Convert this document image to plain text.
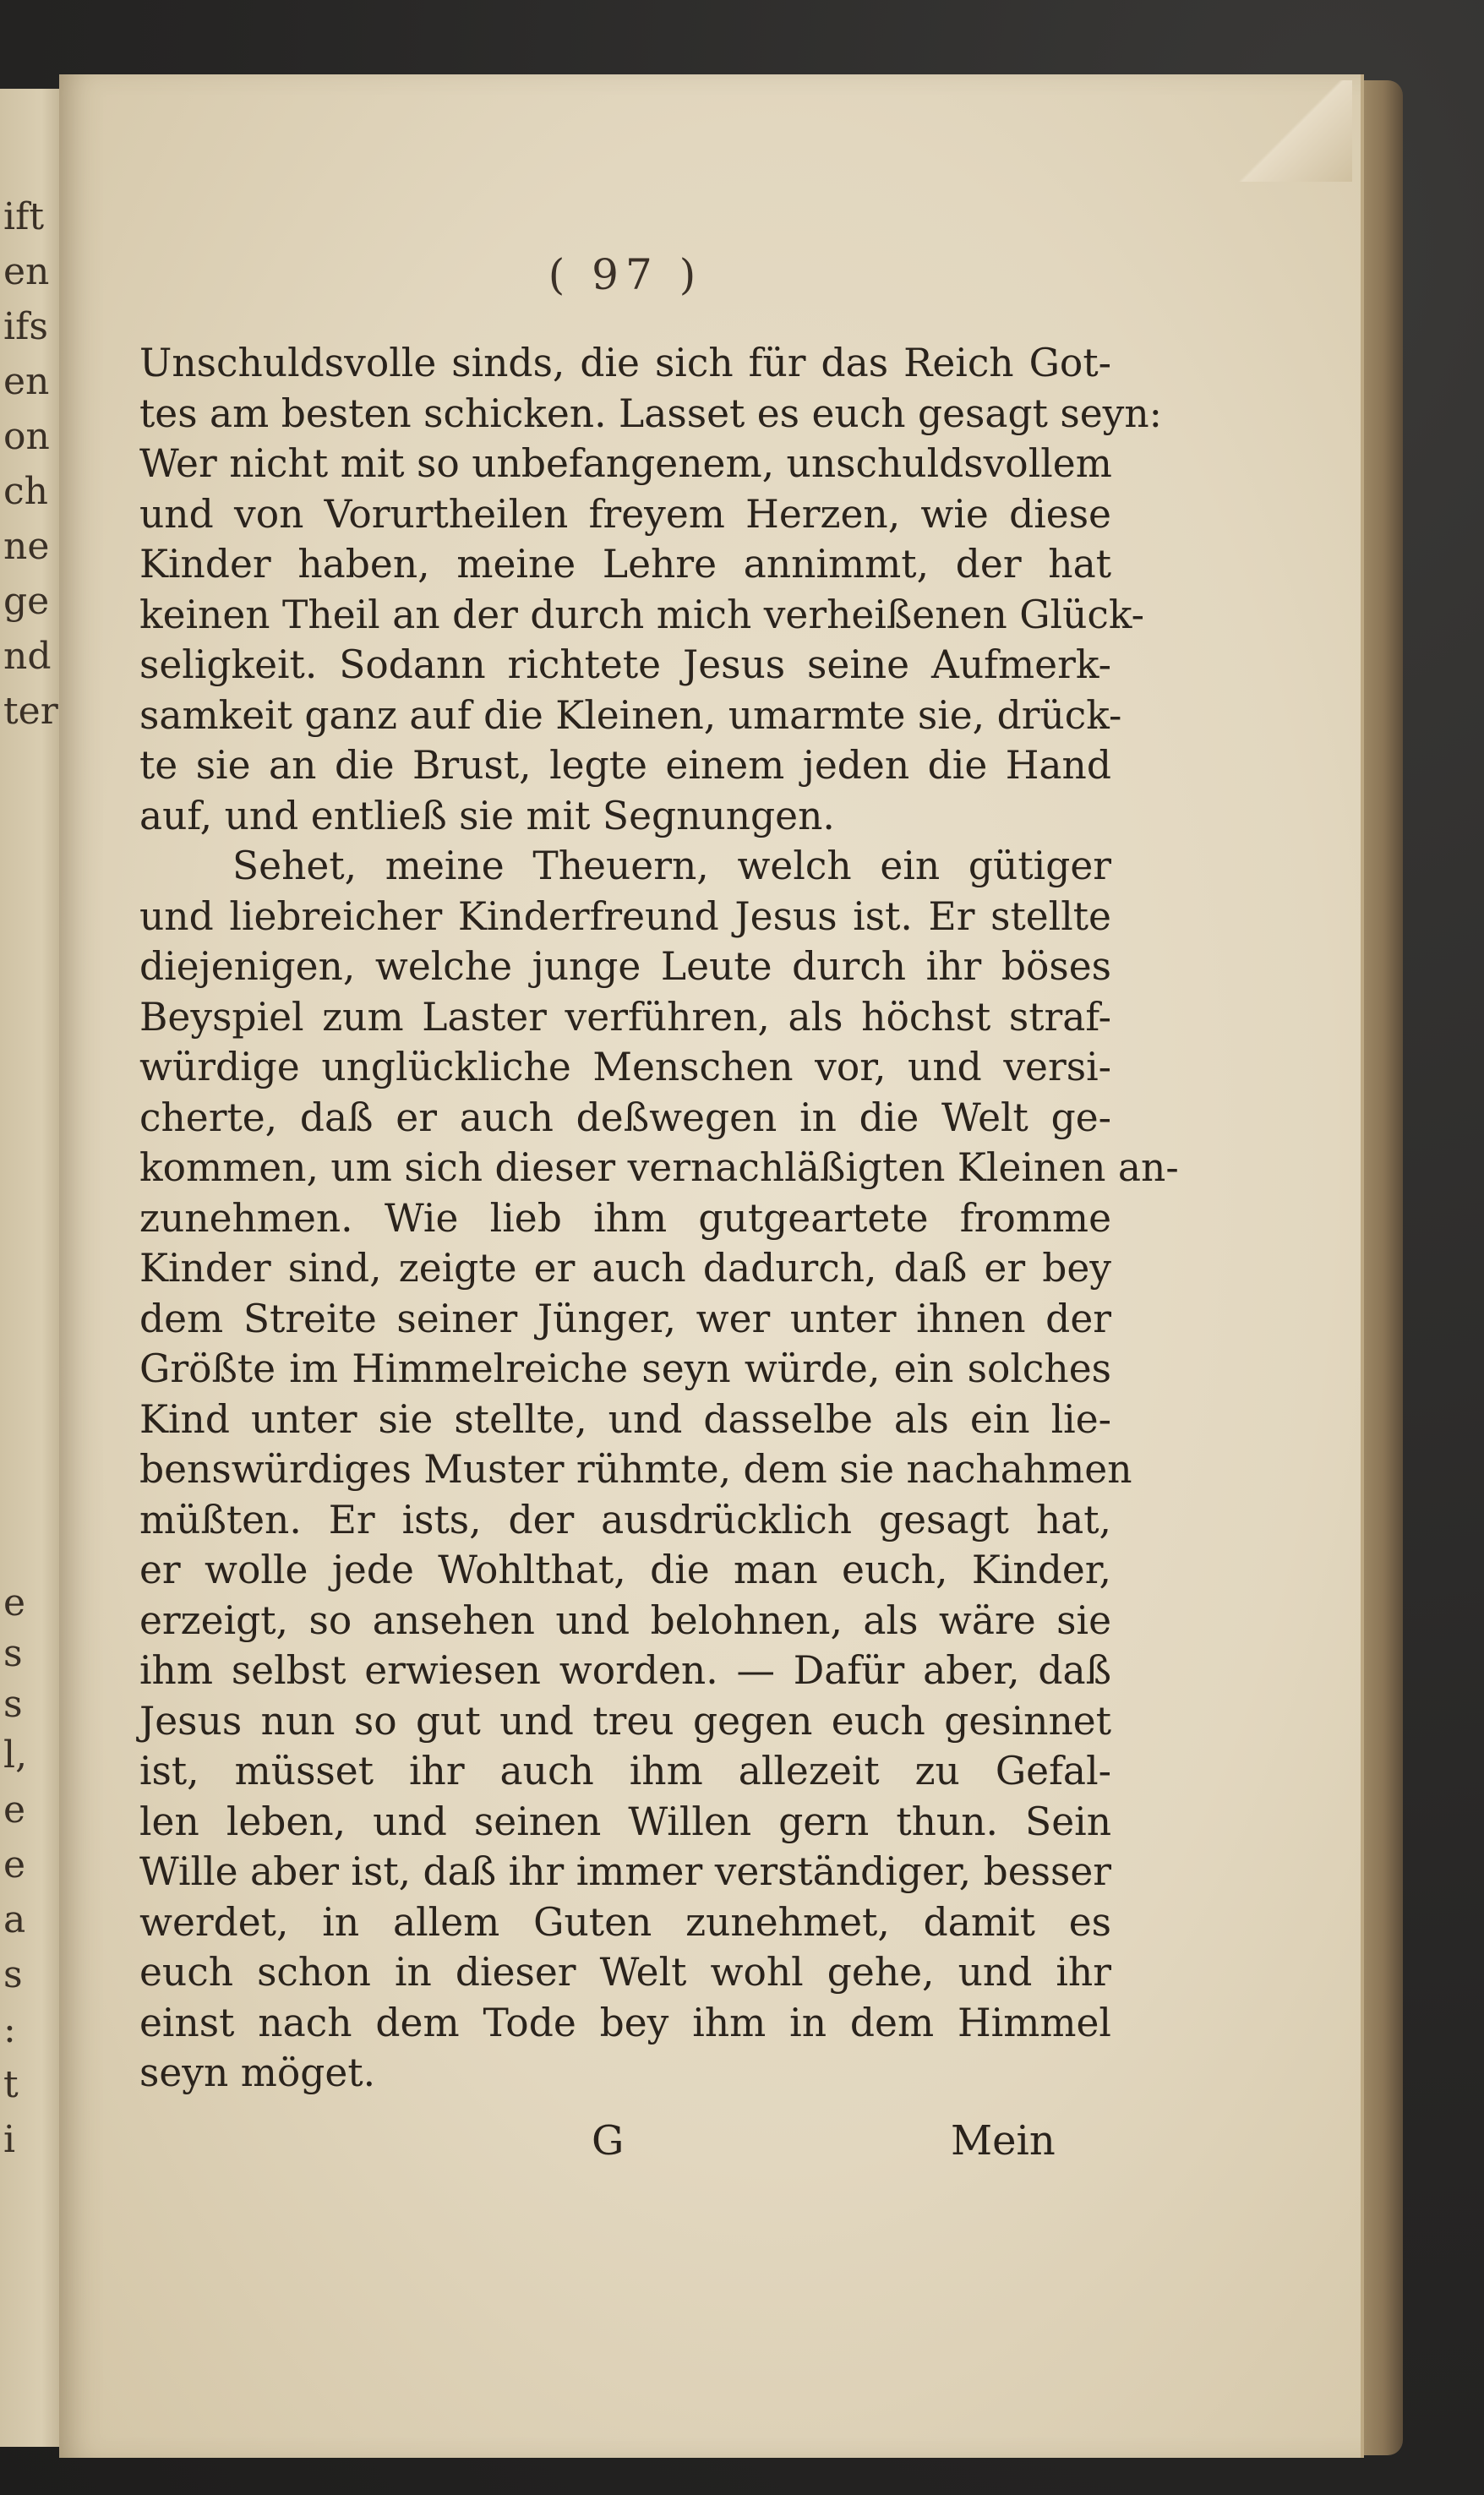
ift
en
ifs
en
on
ch
ne
ge
nd
ter
e
s
s
l,
e
e
a
s
:
t
i
( 97 )
Unschuldsvolle sinds, die sich für das Reich Got-
tes am besten schicken. Lasset es euch gesagt seyn:
Wer nicht mit so unbefangenem, unschuldsvollem
und von Vorurtheilen freyem Herzen, wie diese
Kinder haben, meine Lehre annimmt, der hat
keinen Theil an der durch mich verheißenen Glück-
seligkeit. Sodann richtete Jesus seine Aufmerk-
samkeit ganz auf die Kleinen, umarmte sie, drück-
te sie an die Brust, legte einem jeden die Hand
auf, und entließ sie mit Segnungen.
Sehet, meine Theuern, welch ein gütiger
und liebreicher Kinderfreund Jesus ist. Er stellte
diejenigen, welche junge Leute durch ihr böses
Beyspiel zum Laster verführen, als höchst straf-
würdige unglückliche Menschen vor, und versi-
cherte, daß er auch deßwegen in die Welt ge-
kommen, um sich dieser vernachläßigten Kleinen an-
zunehmen. Wie lieb ihm gutgeartete fromme
Kinder sind, zeigte er auch dadurch, daß er bey
dem Streite seiner Jünger, wer unter ihnen der
Größte im Himmelreiche seyn würde, ein solches
Kind unter sie stellte, und dasselbe als ein lie-
benswürdiges Muster rühmte, dem sie nachahmen
müßten. Er ists, der ausdrücklich gesagt hat,
er wolle jede Wohlthat, die man euch, Kinder,
erzeigt, so ansehen und belohnen, als wäre sie
ihm selbst erwiesen worden. — Dafür aber, daß
Jesus nun so gut und treu gegen euch gesinnet
ist, müsset ihr auch ihm allezeit zu Gefal-
len leben, und seinen Willen gern thun. Sein
Wille aber ist, daß ihr immer verständiger, besser
werdet, in allem Guten zunehmet, damit es
euch schon in dieser Welt wohl gehe, und ihr
einst nach dem Tode bey ihm in dem Himmel
seyn möget.
G	Mein
